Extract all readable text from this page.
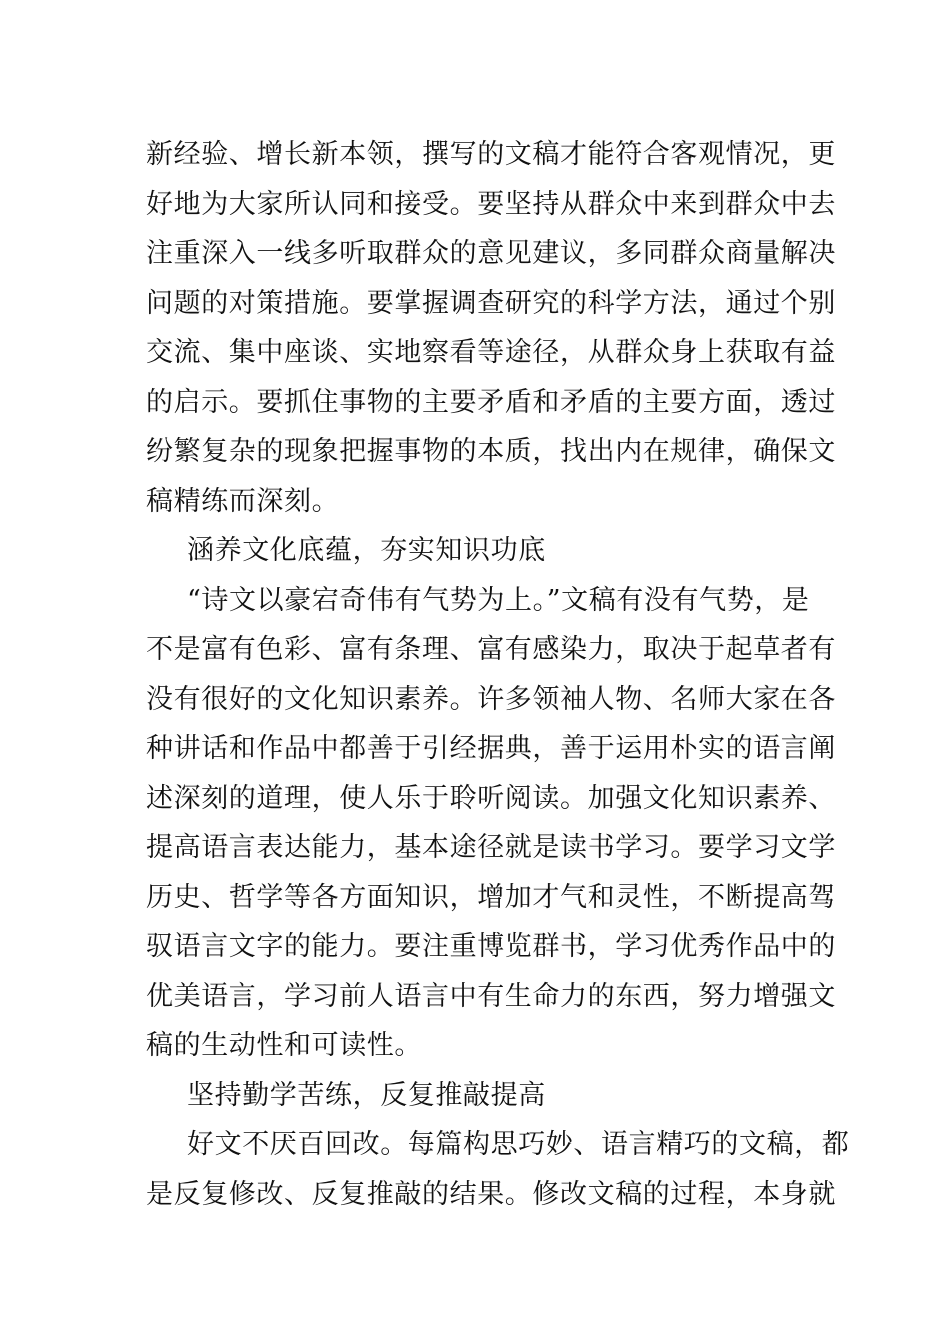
新经验、增长新本领，撰写的文稿才能符合客观情况，更
好地为大家所认同和接受。要坚持从群众中来到群众中去
注重深入一线多听取群众的意见建议，多同群众商量解决
问题的对策措施。要掌握调查研究的科学方法，通过个别
交流、集中座谈、实地察看等途径，从群众身上获取有益
的启示。要抓住事物的主要矛盾和矛盾的主要方面，透过
纷繁复杂的现象把握事物的本质，找出内在规律，确保文
稿精练而深刻。
涵养文化底蕴，夯实知识功底
“诗文以豪宕奇伟有气势为上。”文稿有没有气势，是
不是富有色彩、富有条理、富有感染力，取决于起草者有
没有很好的文化知识素养。许多领袖人物、名师大家在各
种讲话和作品中都善于引经据典，善于运用朴实的语言阐
述深刻的道理，使人乐于聆听阅读。加强文化知识素养、
提高语言表达能力，基本途径就是读书学习。要学习文学
历史、哲学等各方面知识，增加才气和灵性，不断提高驾
驭语言文字的能力。要注重博览群书，学习优秀作品中的
优美语言，学习前人语言中有生命力的东西，努力增强文
稿的生动性和可读性。
坚持勤学苦练，反复推敲提高
好文不厌百回改。每篇构思巧妙、语言精巧的文稿，都
是反复修改、反复推敲的结果。修改文稿的过程，本身就
